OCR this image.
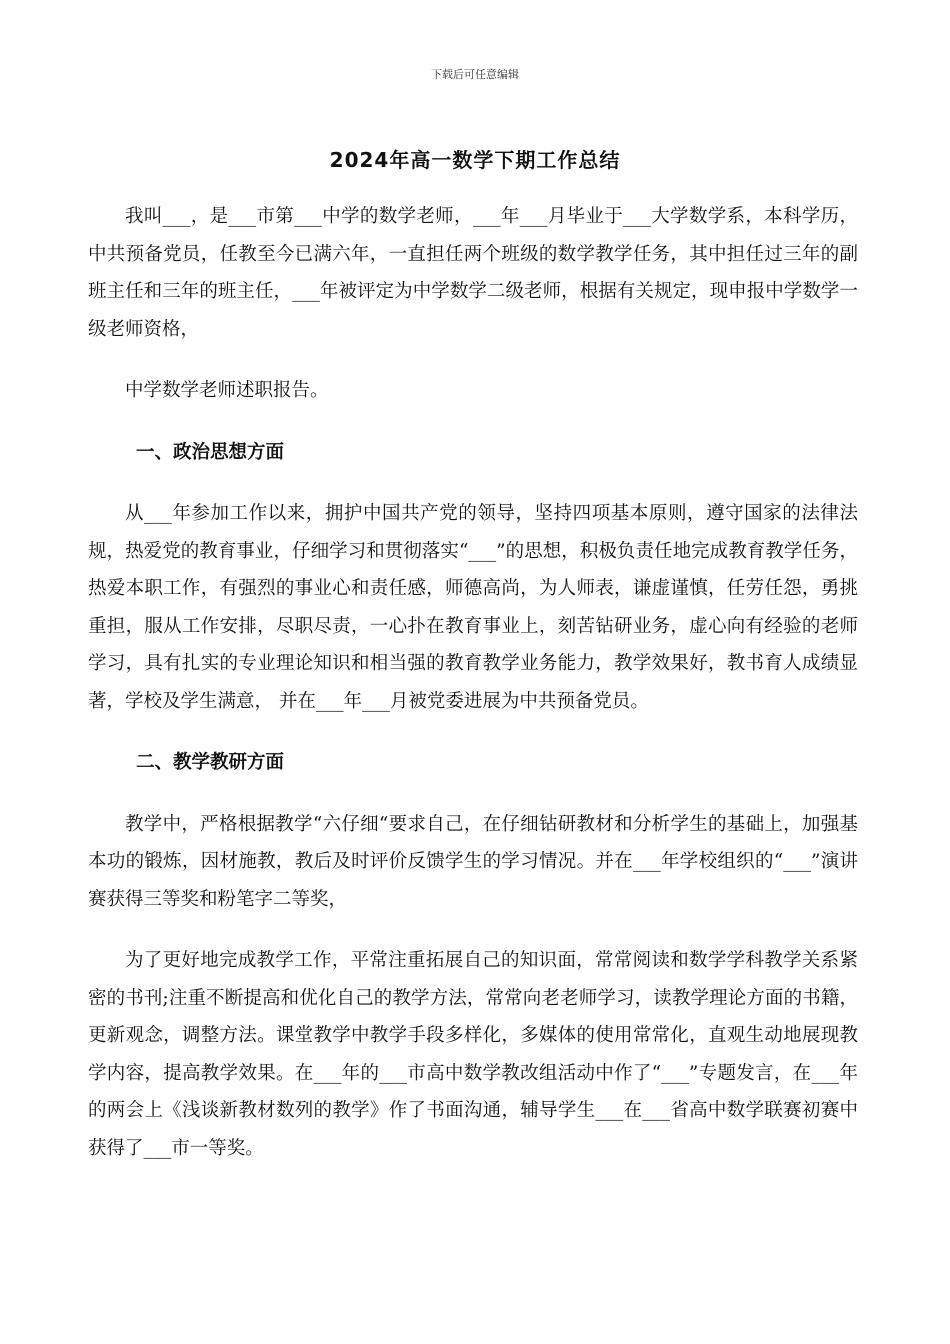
下载后可任意编辑
2024年高一数学下期工作总结

我叫___，是___市第___中学的数学老师，___年___月毕业于___大学数学系，本科学历，中共预备党员，任教至今已满六年，一直担任两个班级的数学教学任务，其中担任过三年的副班主任和三年的班主任，___年被评定为中学数学二级老师，根据有关规定，现申报中学数学一级老师资格，

中学数学老师述职报告。

一、政治思想方面

从___年参加工作以来，拥护中国共产党的领导，坚持四项基本原则，遵守国家的法律法规，热爱党的教育事业，仔细学习和贯彻落实“___”的思想，积极负责任地完成教育教学任务，热爱本职工作，有强烈的事业心和责任感，师德高尚，为人师表，谦虚谨慎，任劳任怨，勇挑重担，服从工作安排，尽职尽责，一心扑在教育事业上，刻苦钻研业务，虚心向有经验的老师学习，具有扎实的专业理论知识和相当强的教育教学业务能力，教学效果好，教书育人成绩显著，学校及学生满意， 并在___年___月被党委进展为中共预备党员。

二、教学教研方面

教学中，严格根据教学“六仔细“要求自己，在仔细钻研教材和分析学生的基础上，加强基本功的锻炼，因材施教，教后及时评价反馈学生的学习情况。并在___年学校组织的“___”演讲赛获得三等奖和粉笔字二等奖，

为了更好地完成教学工作，平常注重拓展自己的知识面，常常阅读和数学学科教学关系紧密的书刊;注重不断提高和优化自己的教学方法，常常向老老师学习，读教学理论方面的书籍，更新观念，调整方法。课堂教学中教学手段多样化，多媒体的使用常常化，直观生动地展现教学内容，提高教学效果。在___年的___市高中数学教改组活动中作了“___”专题发言，在___年的两会上《浅谈新教材数列的教学》作了书面沟通，辅导学生___在___省高中数学联赛初赛中获得了___市一等奖。
